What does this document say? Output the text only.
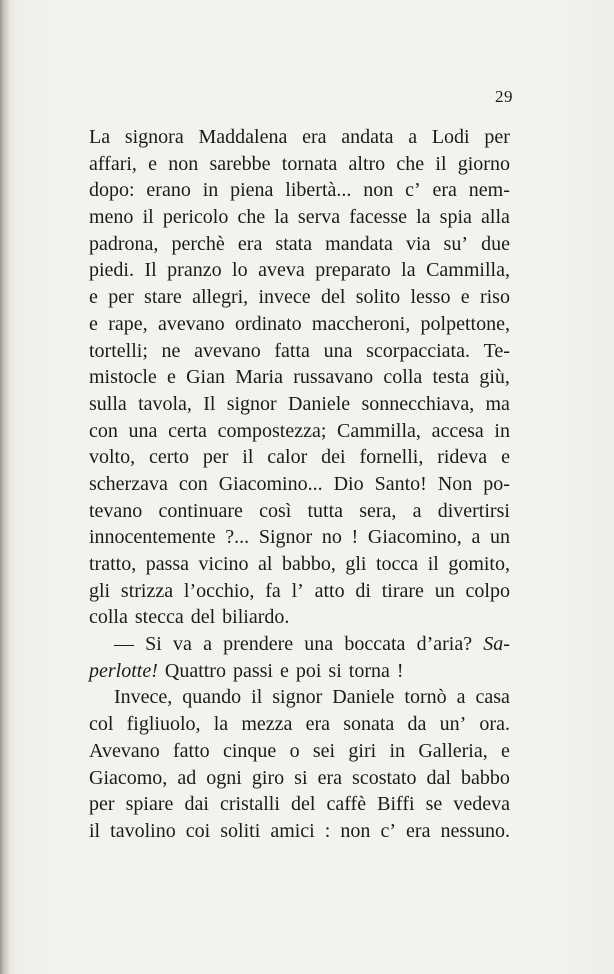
29
La signora Maddalena era andata a Lodi per
affari, e non sarebbe tornata altro che il giorno
dopo: erano in piena libertà... non c’ era nem-
meno il pericolo che la serva facesse la spia alla
padrona, perchè era stata mandata via su’ due
piedi. Il pranzo lo aveva preparato la Cammilla,
e per stare allegri, invece del solito lesso e riso
e rape, avevano ordinato maccheroni, polpettone,
tortelli; ne avevano fatta una scorpacciata. Te-
mistocle e Gian Maria russavano colla testa giù,
sulla tavola, Il signor Daniele sonnecchiava, ma
con una certa compostezza; Cammilla, accesa in
volto, certo per il calor dei fornelli, rideva e
scherzava con Giacomino... Dio Santo! Non po-
tevano continuare così tutta sera, a divertirsi
innocentemente ?... Signor no ! Giacomino, a un
tratto, passa vicino al babbo, gli tocca il gomito,
gli strizza l’occhio, fa l’ atto di tirare un colpo
colla stecca del biliardo.
— Si va a prendere una boccata d’aria? Sa-
perlotte! Quattro passi e poi si torna !
Invece, quando il signor Daniele tornò a casa
col figliuolo, la mezza era sonata da un’ ora.
Avevano fatto cinque o sei giri in Galleria, e
Giacomo, ad ogni giro si era scostato dal babbo
per spiare dai cristalli del caffè Biffi se vedeva
il tavolino coi soliti amici : non c’ era nessuno.
